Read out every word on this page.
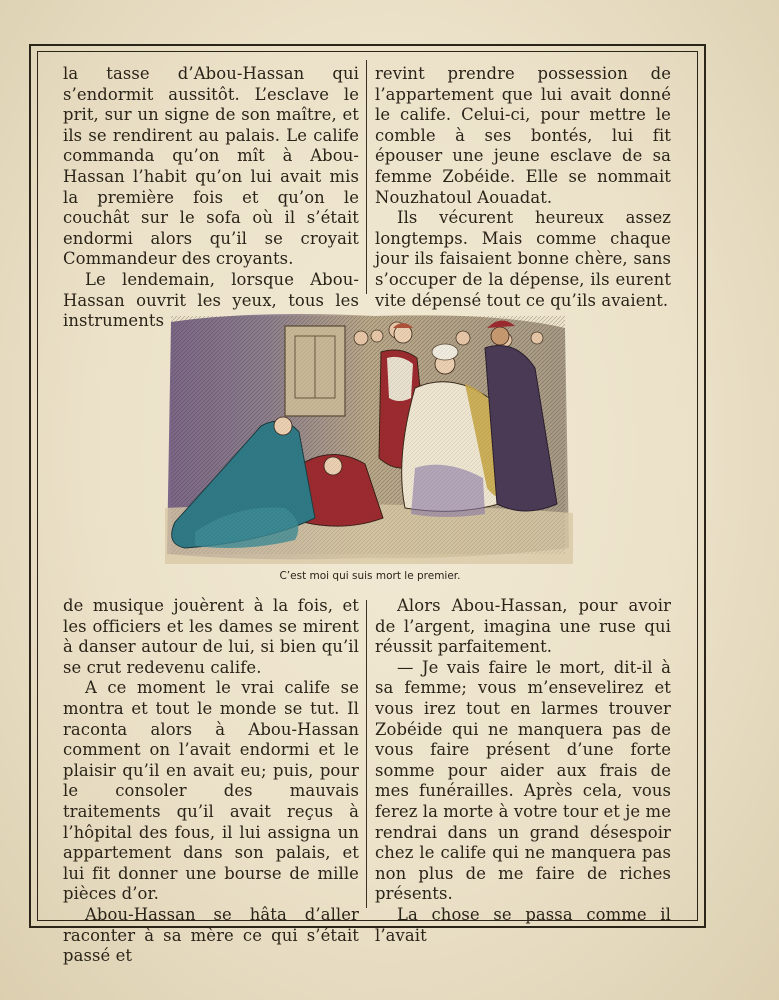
la tasse d’Abou-Hassan qui s’endormit aussitôt. L’esclave le prit, sur un signe de son maître, et ils se rendirent au palais. Le calife commanda qu’on mît à Abou-Hassan l’habit qu’on lui avait mis la première fois et qu’on le couchât sur le sofa où il s’était endormi alors qu’il se croyait Commandeur des croyants.

Le lendemain, lorsque Abou-Hassan ouvrit les yeux, tous les instruments

revint prendre possession de l’appartement que lui avait donné le calife. Celui-ci, pour mettre le comble à ses bontés, lui fit épouser une jeune esclave de sa femme Zobéide. Elle se nommait Nouzhatoul Aouadat.

Ils vécurent heureux assez longtemps. Mais comme chaque jour ils faisaient bonne chère, sans s’occuper de la dépense, ils eurent vite dépensé tout ce qu’ils avaient.

C’est moi qui suis mort le premier.

de musique jouèrent à la fois, et les officiers et les dames se mirent à danser autour de lui, si bien qu’il se crut redevenu calife.

A ce moment le vrai calife se montra et tout le monde se tut. Il raconta alors à Abou-Hassan comment on l’avait endormi et le plaisir qu’il en avait eu; puis, pour le consoler des mauvais traitements qu’il avait reçus à l’hôpital des fous, il lui assigna un appartement dans son palais, et lui fit donner une bourse de mille pièces d’or.

Abou-Hassan se hâta d’aller raconter à sa mère ce qui s’était passé et

Alors Abou-Hassan, pour avoir de l’argent, imagina une ruse qui réussit parfaitement.

— Je vais faire le mort, dit-il à sa femme; vous m’ensevelirez et vous irez tout en larmes trouver Zobéide qui ne manquera pas de vous faire présent d’une forte somme pour aider aux frais de mes funérailles. Après cela, vous ferez la morte à votre tour et je me rendrai dans un grand désespoir chez le calife qui ne manquera pas non plus de me faire de riches présents.

La chose se passa comme il l’avait
